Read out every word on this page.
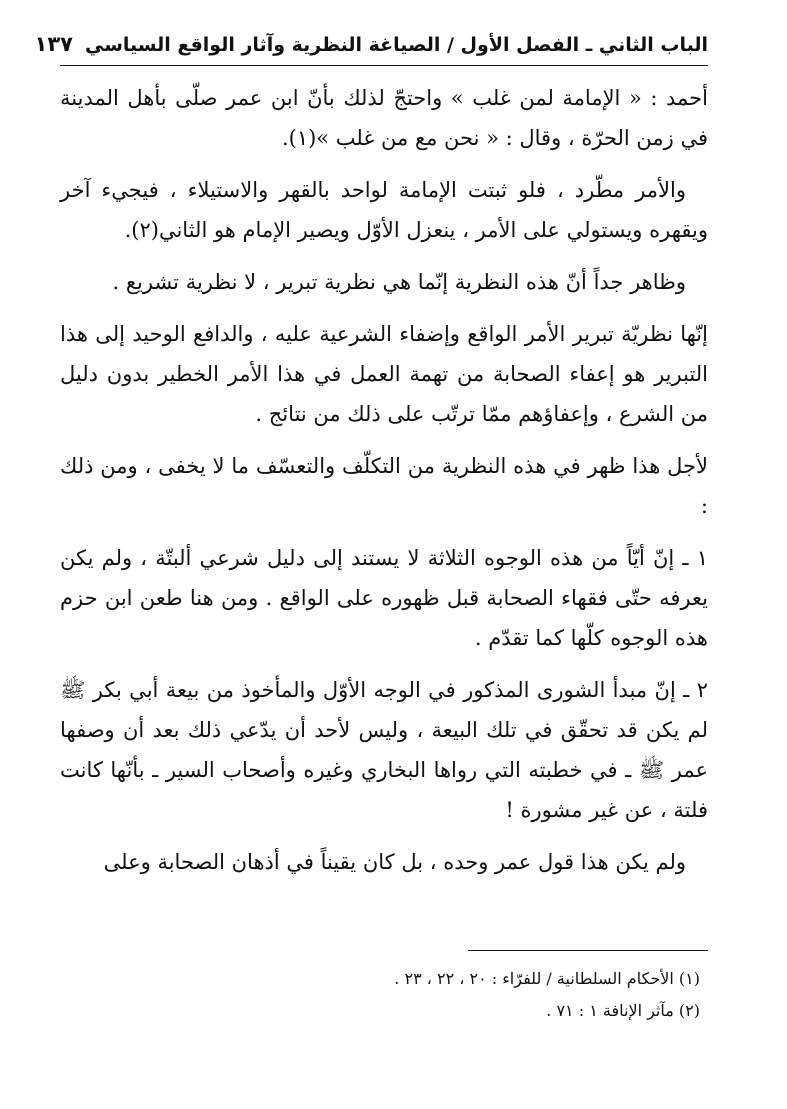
الباب الثاني ـ الفصل الأول / الصياغة النظرية وآثار الواقع السياسي
١٣٧

أحمد : « الإمامة لمن غلب » واحتجّ لذلك بأنّ ابن عمر صلّى بأهل المدينة في زمن الحرّة ، وقال : « نحن مع من غلب »(١).

والأمر مطّرد ، فلو ثبتت الإمامة لواحد بالقهر والاستيلاء ، فيجيء آخر ويقهره ويستولي على الأمر ، ينعزل الأوّل ويصير الإمام هو الثاني(٢).

وظاهر جداً أنّ هذه النظرية إنّما هي نظرية تبرير ، لا نظرية تشريع .

إنّها نظريّة تبرير الأمر الواقع وإضفاء الشرعية عليه ، والدافع الوحيد إلى هذا التبرير هو إعفاء الصحابة من تهمة العمل في هذا الأمر الخطير بدون دليل من الشرع ، وإعفاؤهم ممّا ترتّب على ذلك من نتائج .

لأجل هذا ظهر في هذه النظرية من التكلّف والتعسّف ما لا يخفى ، ومن ذلك :

١ ـ إنّ أيّاً من هذه الوجوه الثلاثة لا يستند إلى دليل شرعي ألبتّة ، ولم يكن يعرفه حتّى فقهاء الصحابة قبل ظهوره على الواقع . ومن هنا طعن ابن حزم هذه الوجوه كلّها كما تقدّم .

٢ ـ إنّ مبدأ الشورى المذكور في الوجه الأوّل والمأخوذ من بيعة أبي بكر ﷺ لم يكن قد تحقّق في تلك البيعة ، وليس لأحد أن يدّعي ذلك بعد أن وصفها عمر ﷺ ـ في خطبته التي رواها البخاري وغيره وأصحاب السير ـ بأنّها كانت فلتة ، عن غير مشورة !

ولم يكن هذا قول عمر وحده ، بل كان يقيناً في أذهان الصحابة وعلى

(١) الأحكام السلطانية / للفرّاء : ٢٠ ، ٢٢ ، ٢٣ .

(٢) مآثر الإنافة ١ : ٧١ .
